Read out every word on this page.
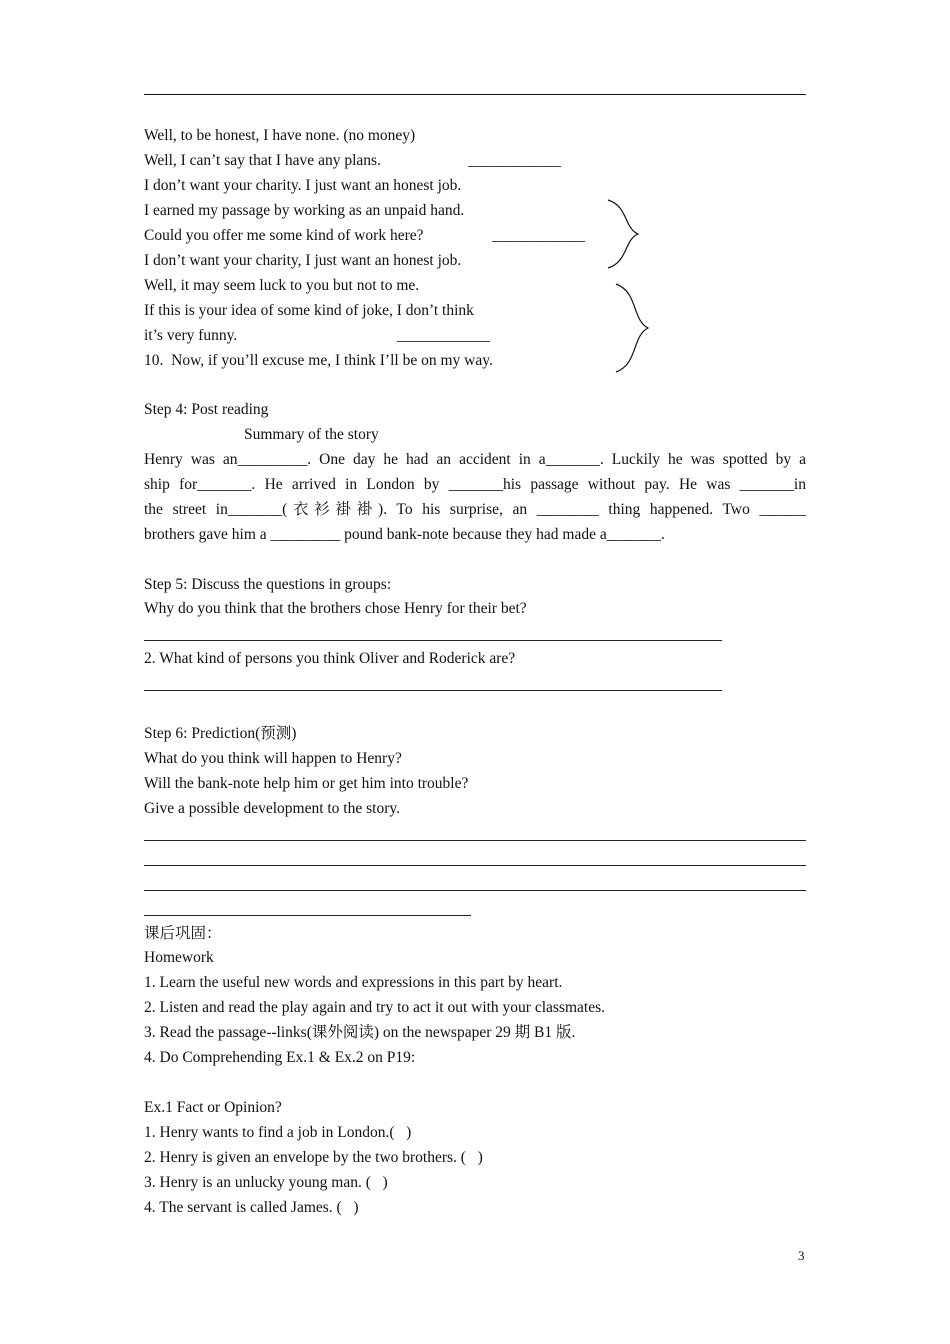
Well, to be honest, I have none. (no money)
Well, I can’t say that I have any plans.	____________
I don’t want your charity. I just want an honest job.
I earned my passage by working as an unpaid hand.
Could you offer me some kind of work here?	____________
I don’t want your charity, I just want an honest job.
Well, it may seem luck to you but not to me.
If this is your idea of some kind of joke, I don’t think
it’s very funny.	____________
10.  Now, if you’ll excuse me, I think I’ll be on my way.
Step 4: Post reading
Summary of the story
Henry was an_________. One day he had an accident in a_______. Luckily he was spotted by a
ship for_______. He arrived in London by _______his passage without pay. He was _______in
the street in_______(衣衫褂褂). To his surprise, an ________ thing happened. Two ______
brothers gave him a _________ pound bank-note because they had made a_______.
Step 5: Discuss the questions in groups:
Why do you think that the brothers chose Henry for their bet?
2. What kind of persons you think Oliver and Roderick are?
Step 6: Prediction(预测)
What do you think will happen to Henry?
Will the bank-note help him or get him into trouble?
Give a possible development to the story.
课后巩固：
Homework
1. Learn the useful new words and expressions in this part by heart.
2. Listen and read the play again and try to act it out with your classmates.
3. Read the passage--links(课外阅读) on the newspaper 29 期 B1 版.
4. Do Comprehending Ex.1 & Ex.2 on P19:
Ex.1 Fact or Opinion?
1. Henry wants to find a job in London.(   )
2. Henry is given an envelope by the two brothers. (   )
3. Henry is an unlucky young man. (   )
4. The servant is called James. (   )
3
